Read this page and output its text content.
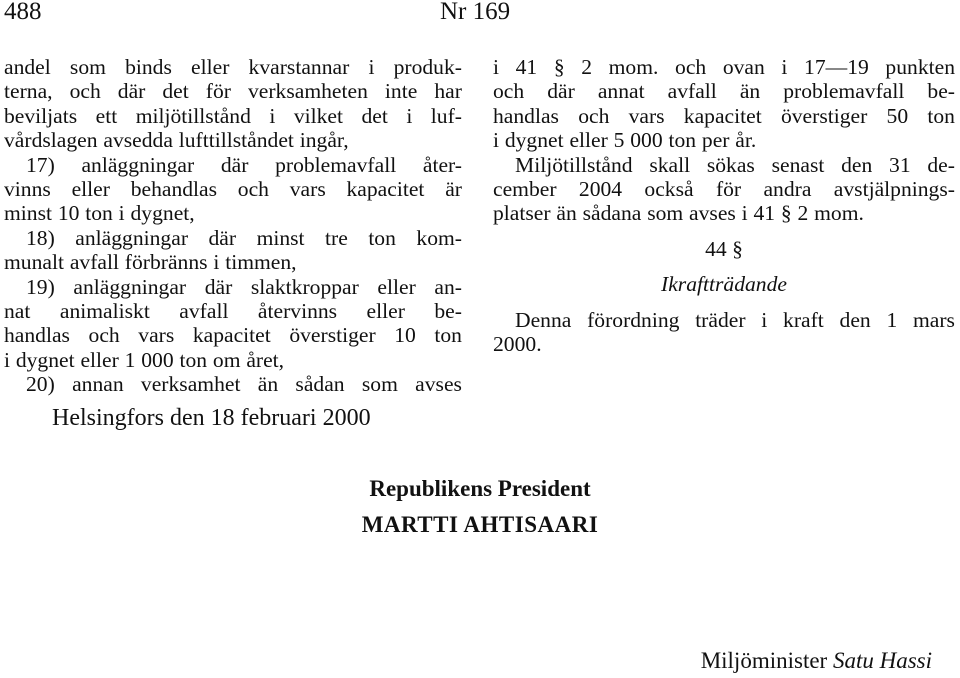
488	Nr 169
andel som binds eller kvarstannar i produk-
terna, och där det för verksamheten inte har
beviljats ett miljötillstånd i vilket det i luf-
vårdslagen avsedda lufttillståndet ingår,
17) anläggningar där problemavfall åter-
vinns eller behandlas och vars kapacitet är
minst 10 ton i dygnet,
18) anläggningar där minst tre ton kom-
munalt avfall förbränns i timmen,
19) anläggningar där slaktkroppar eller an-
nat animaliskt avfall återvinns eller be-
handlas och vars kapacitet överstiger 10 ton
i dygnet eller 1 000 ton om året,
20) annan verksamhet än sådan som avses
i 41 § 2 mom. och ovan i 17—19 punkten
och där annat avfall än problemavfall be-
handlas och vars kapacitet överstiger 50 ton
i dygnet eller 5 000 ton per år.
Miljötillstånd skall sökas senast den 31 de-
cember 2004 också för andra avstjälpnings-
platser än sådana som avses i 41 § 2 mom.
44 §
Ikraftträdande
Denna förordning träder i kraft den 1 mars
2000.
Helsingfors den 18 februari 2000
Republikens President
MARTTI AHTISAARI
Miljöminister Satu Hassi
